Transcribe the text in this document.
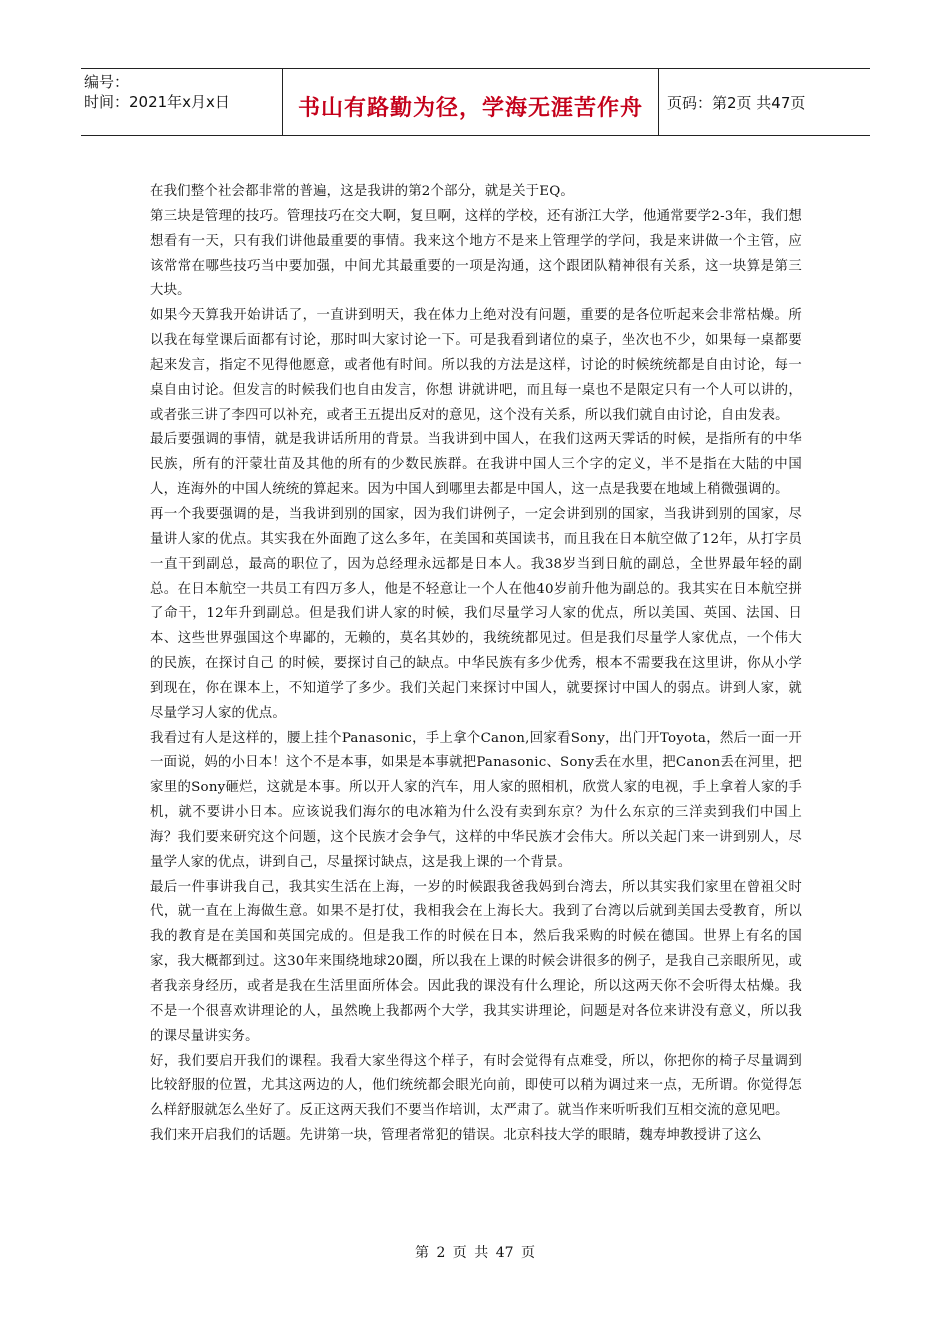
编号：
时间：2021年x月x日	书山有路勤为径，学海无涯苦作舟	页码：第2页 共47页

在我们整个社会都非常的普遍，这是我讲的第2个部分，就是关于EQ。

第三块是管理的技巧。管理技巧在交大啊，复旦啊，这样的学校，还有浙江大学，他通常要学2-3年，我们想想看有一天，只有我们讲他最重要的事情。我来这个地方不是来上管理学的学问，我是来讲做一个主管，应该常常在哪些技巧当中要加强，中间尤其最重要的一项是沟通，这个跟团队精神很有关系，这一块算是第三大块。

如果今天算我开始讲话了，一直讲到明天，我在体力上绝对没有问题，重要的是各位听起来会非常枯燥。所以我在每堂课后面都有讨论，那时叫大家讨论一下。可是我看到诸位的桌子，坐次也不少，如果每一桌都要起来发言，指定不见得他愿意，或者他有时间。所以我的方法是这样，讨论的时候统统都是自由讨论，每一桌自由讨论。但发言的时候我们也自由发言，你想 讲就讲吧，而且每一桌也不是限定只有一个人可以讲的，或者张三讲了李四可以补充，或者王五提出反对的意见，这个没有关系，所以我们就自由讨论，自由发表。

最后要强调的事情，就是我讲话所用的背景。当我讲到中国人，在我们这两天霁话的时候，是指所有的中华民族，所有的汗蒙壮苗及其他的所有的少数民族群。在我讲中国人三个字的定义，半不是指在大陆的中国人，连海外的中国人统统的算起来。因为中国人到哪里去都是中国人，这一点是我要在地域上稍微强调的。

再一个我要强调的是，当我讲到别的国家，因为我们讲例子，一定会讲到别的国家，当我讲到别的国家，尽量讲人家的优点。其实我在外面跑了这么多年，在美国和英国读书，而且我在日本航空做了12年，从打字员一直干到副总，最高的职位了，因为总经理永远都是日本人。我38岁当到日航的副总，全世界最年轻的副总。在日本航空一共员工有四万多人，他是不轻意让一个人在他40岁前升他为副总的。我其实在日本航空拼了命干，12年升到副总。但是我们讲人家的时候，我们尽量学习人家的优点，所以美国、英国、法国、日本、这些世界强国这个卑鄙的，无赖的，莫名其妙的，我统统都见过。但是我们尽量学人家优点，一个伟大的民族，在探讨自己 的时候，要探讨自己的缺点。中华民族有多少优秀，根本不需要我在这里讲，你从小学到现在，你在课本上，不知道学了多少。我们关起门来探讨中国人，就要探讨中国人的弱点。讲到人家，就尽量学习人家的优点。

我看过有人是这样的，腰上挂个Panasonic，手上拿个Canon,回家看Sony，出门开Toyota，然后一面一开一面说，妈的小日本！这个不是本事，如果是本事就把Panasonic、Sony丢在水里，把Canon丢在河里，把家里的Sony砸烂，这就是本事。所以开人家的汽车，用人家的照相机，欣赏人家的电视，手上拿着人家的手机，就不要讲小日本。应该说我们海尔的电冰箱为什么没有卖到东京？为什么东京的三洋卖到我们中国上海？我们要来研究这个问题，这个民族才会争气，这样的中华民族才会伟大。所以关起门来一讲到别人，尽量学人家的优点，讲到自己，尽量探讨缺点，这是我上课的一个背景。

最后一件事讲我自己，我其实生活在上海，一岁的时候跟我爸我妈到台湾去，所以其实我们家里在曾祖父时代，就一直在上海做生意。如果不是打仗，我相我会在上海长大。我到了台湾以后就到美国去受教育，所以我的教育是在美国和英国完成的。但是我工作的时候在日本，然后我采购的时候在德国。世界上有名的国家，我大概都到过。这30年来围绕地球20圈，所以我在上课的时候会讲很多的例子，是我自己亲眼所见，或者我亲身经历，或者是我在生活里面所体会。因此我的课没有什么理论，所以这两天你不会听得太枯燥。我不是一个很喜欢讲理论的人，虽然晚上我都两个大学，我其实讲理论，问题是对各位来讲没有意义，所以我的课尽量讲实务。

好，我们要启开我们的课程。我看大家坐得这个样子，有时会觉得有点难受，所以，你把你的椅子尽量调到比较舒服的位置，尤其这两边的人，他们统统都会眼光向前，即使可以稍为调过来一点，无所谓。你觉得怎么样舒服就怎么坐好了。反正这两天我们不要当作培训，太严肃了。就当作来听听我们互相交流的意见吧。

我们来开启我们的话题。先讲第一块，管理者常犯的错误。北京科技大学的眼睛，魏寿坤教授讲了这么

第 2 页 共 47 页
